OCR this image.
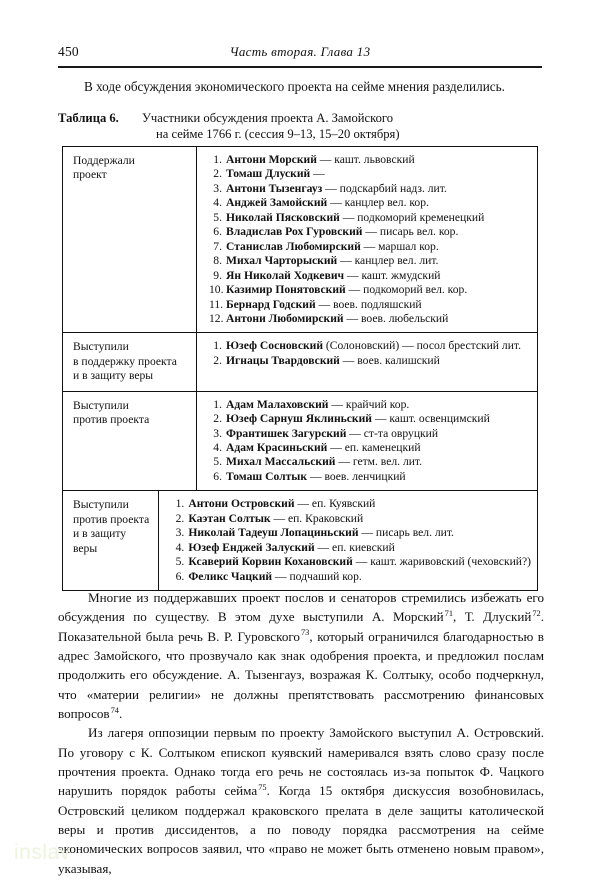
450	Часть вторая. Глава 13
В ходе обсуждения экономического проекта на сейме мнения разделились.
Таблица 6. Участники обсуждения проекта А. Замойского
на сейме 1766 г. (сессия 9–13, 15–20 октября)
Поддержали
проект
1. Антони Морский — кашт. львовский
2. Томаш Длуский —
3. Антони Тызенгауз — подскарбий надз. лит.
4. Анджей Замойский — канцлер вел. кор.
5. Николай Пясковский — подкоморий кременецкий
6. Владислав Рох Гуровский — писарь вел. кор.
7. Станислав Любомирский — маршал кор.
8. Михал Чарторыский — канцлер вел. лит.
9. Ян Николай Ходкевич — кашт. жмудский
10. Казимир Понятовский — подкоморий вел. кор.
11. Бернард Годский — воев. подляшский
12. Антони Любомирский — воев. любельский
Выступили
в поддержку проекта
и в защиту веры
1. Юзеф Сосновский (Солоновский) — посол брестский лит.
2. Игнацы Твардовский — воев. калишский
Выступили
против проекта
1. Адам Малаховский — крайчий кор.
2. Юзеф Сарнуш Яклиньский — кашт. освенцимский
3. Франтишек Загурский — ст-та овруцкий
4. Адам Красиньский — еп. каменецкий
5. Михал Массальский — гетм. вел. лит.
6. Томаш Солтык — воев. ленчицкий
Выступили
против проекта
и в защиту веры
1. Антони Островский — еп. Куявский
2. Каэтан Солтык — еп. Краковский
3. Николай Тадеуш Лопациньский — писарь вел. лит.
4. Юзеф Енджей Залуский — еп. киевский
5. Ксаверий Корвин Кохановский — кашт. жаривовский (чеховский?)
6. Феликс Чацкий — подчаший кор.

Многие из поддержавших проект послов и сенаторов стремились избежать его обсуждения по существу. В этом духе выступили А. Морский$^{71}$, Т. Длуский$^{72}$. Показательной была речь В. Р. Гуровского$^{73}$, который ограничился благодарностью в адрес Замойского, что прозвучало как знак одобрения проекта, и предложил послам продолжить его обсуждение. А. Тызенгауз, возражая К. Солтыку, особо подчеркнул, что «материи религии» не должны препятствовать рассмотрению финансовых вопросов$^{74}$.

Из лагеря оппозиции первым по проекту Замойского выступил А. Островский. По уговору с К. Солтыком епископ куявский намеривался взять слово сразу после прочтения проекта. Однако тогда его речь не состоялась из-за попыток Ф. Чацкого нарушить порядок работы сейма$^{75}$. Когда 15 октября дискуссия возобновилась, Островский целиком поддержал краковского прелата в деле защиты католической веры и против диссидентов, а по поводу порядка рассмотрения на сейме экономических вопросов заявил, что «право не может быть отменено новым правом», указывая,

inslav
